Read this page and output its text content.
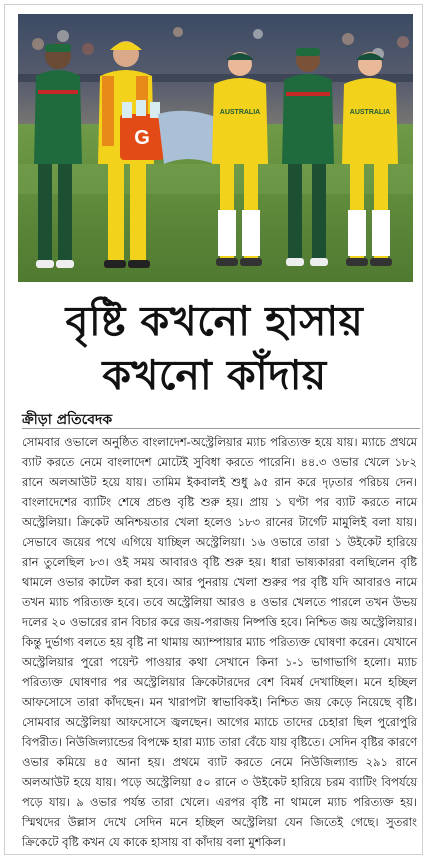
G
AUSTRALIA	AUSTRALIA
বৃষ্টি কখনো হাসায়
কখনো কাঁদায়
ক্রীড়া প্রতিবেদক

সোমবার ওভালে অনুষ্ঠিত বাংলাদেশ-অস্ট্রেলিয়ার ম্যাচ পরিত্যক্ত হয়ে যায়। ম্যাচে প্রথমে ব্যাট করতে নেমে বাংলাদেশ মোটেই সুবিধা করতে পারেনি। ৪৪.৩ ওভার খেলে ১৮২ রানে অলআউট হয়ে যায়। তামিম ইকবালই শুধু ৯৫ রান করে দৃঢ়তার পরিচয় দেন। বাংলাদেশের ব্যাটিং শেষে প্রচণ্ড বৃষ্টি শুরু হয়। প্রায় ১ ঘণ্টা পর ব্যাট করতে নামে অস্ট্রেলিয়া। ক্রিকেট অনিশ্চয়তার খেলা হলেও ১৮৩ রানের টার্গেট মামুলিই বলা যায়। সেভাবে জয়ের পথে এগিয়ে যাচ্ছিল অস্ট্রেলিয়া। ১৬ ওভারে তারা ১ উইকেট হারিয়ে রান তুলেছিল ৮৩। ওই সময় আবারও বৃষ্টি শুরু হয়। ধারা ভাষ্যকাররা বলছিলেন বৃষ্টি থামলে ওভার কাটেল করা হবে। আর পুনরায় খেলা শুরুর পর বৃষ্টি যদি আবারও নামে তখন ম্যাচ পরিত্যক্ত হবে। তবে অস্ট্রেলিয়া আরও ৪ ওভার খেলতে পারলে তখন উভয় দলের ২০ ওভারের রান বিচার করে জয়-পরাজয় নিষ্পত্তি হবে। নিশ্চিত জয় অস্ট্রেলিয়ার। কিন্তু দুর্ভাগ্য বলতে হয় বৃষ্টি না থামায় অ্যাম্পায়ার ম্যাচ পরিত্যক্ত ঘোষণা করেন। যেখানে অস্ট্রেলিয়ার পুরো পয়েন্ট পাওয়ার কথা সেখানে কিনা ১-১ ভাগাভাগি হলো। ম্যাচ পরিত্যক্ত ঘোষণার পর অস্ট্রেলিয়ার ক্রিকেটারদের বেশ বিমর্ষ দেখাচ্ছিল। মনে হচ্ছিল আফসোসে তারা কাঁদছেন। মন খারাপটা স্বাভাবিকই। নিশ্চিত জয় কেড়ে নিয়েছে বৃষ্টি। সোমবার অস্ট্রেলিয়া আফসোসে জ্বলছেন। আগের ম্যাচে তাদের চেহারা ছিল পুরোপুরি বিপরীত। নিউজিল্যান্ডের বিপক্ষে হারা ম্যাচ তারা বেঁচে যায় বৃষ্টিতে। সেদিন বৃষ্টির কারণে ওভার কমিয়ে ৪৫ আনা হয়। প্রথমে ব্যাট করতে নেমে নিউজিল্যান্ড ২৯১ রানে অলআউট হয়ে যায়। পড়ে অস্ট্রেলিয়া ৫০ রানে ৩ উইকেট হারিয়ে চরম ব্যাটিং বিপর্যয়ে পড়ে যায়। ৯ ওভার পর্যন্ত তারা খেলে। এরপর বৃষ্টি না থামলে ম্যাচ পরিত্যক্ত হয়। স্মিথদের উল্লাস দেখে সেদিন মনে হচ্ছিল অস্ট্রেলিয়া যেন জিতেই গেছে। সুতরাং ক্রিকেটে বৃষ্টি কখন যে কাকে হাসায় বা কাঁদায় বলা মুশকিল।
